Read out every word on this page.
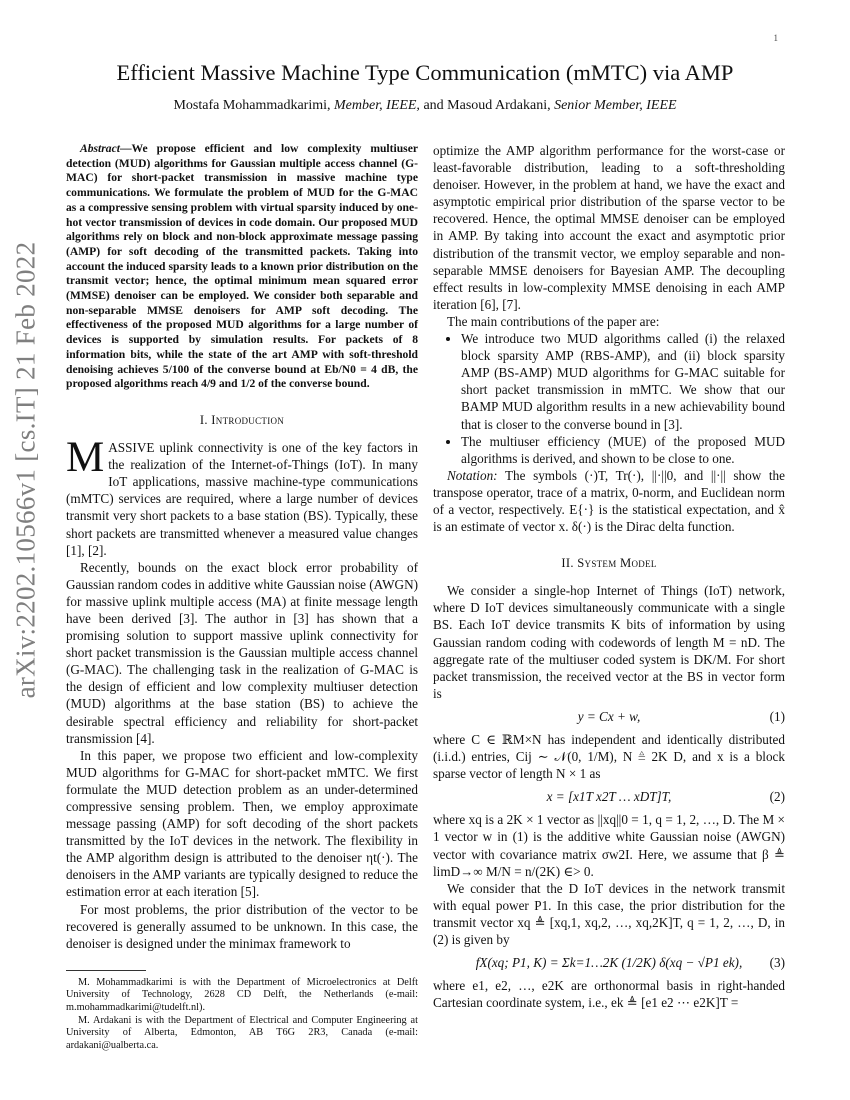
1
arXiv:2202.10566v1 [cs.IT] 21 Feb 2022
Efficient Massive Machine Type Communication (mMTC) via AMP
Mostafa Mohammadkarimi, Member, IEEE, and Masoud Ardakani, Senior Member, IEEE

Abstract—We propose efficient and low complexity multiuser detection (MUD) algorithms for Gaussian multiple access channel (G-MAC) for short-packet transmission in massive machine type communications. We formulate the problem of MUD for the G-MAC as a compressive sensing problem with virtual sparsity induced by one-hot vector transmission of devices in code domain. Our proposed MUD algorithms rely on block and non-block approximate message passing (AMP) for soft decoding of the transmitted packets. Taking into account the induced sparsity leads to a known prior distribution on the transmit vector; hence, the optimal minimum mean squared error (MMSE) denoiser can be employed. We consider both separable and non-separable MMSE denoisers for AMP soft decoding. The effectiveness of the proposed MUD algorithms for a large number of devices is supported by simulation results. For packets of 8 information bits, while the state of the art AMP with soft-threshold denoising achieves 5/100 of the converse bound at Eb/N0 = 4 dB, the proposed algorithms reach 4/9 and 1/2 of the converse bound.

I. Introduction

MASSIVE uplink connectivity is one of the key factors in the realization of the Internet-of-Things (IoT). In many IoT applications, massive machine-type communications (mMTC) services are required, where a large number of devices transmit very short packets to a base station (BS). Typically, these short packets are transmitted whenever a measured value changes [1], [2].

Recently, bounds on the exact block error probability of Gaussian random codes in additive white Gaussian noise (AWGN) for massive uplink multiple access (MA) at finite message length have been derived [3]. The author in [3] has shown that a promising solution to support massive uplink connectivity for short packet transmission is the Gaussian multiple access channel (G-MAC). The challenging task in the realization of G-MAC is the design of efficient and low complexity multiuser detection (MUD) algorithms at the base station (BS) to achieve the desirable spectral efficiency and reliability for short-packet transmission [4].

In this paper, we propose two efficient and low-complexity MUD algorithms for G-MAC for short-packet mMTC. We first formulate the MUD detection problem as an under-determined compressive sensing problem. Then, we employ approximate message passing (AMP) for soft decoding of the short packets transmitted by the IoT devices in the network. The flexibility in the AMP algorithm design is attributed to the denoiser ηt(·). The denoisers in the AMP variants are typically designed to reduce the estimation error at each iteration [5].

For most problems, the prior distribution of the vector to be recovered is generally assumed to be unknown. In this case, the denoiser is designed under the minimax framework to

M. Mohammadkarimi is with the Department of Microelectronics at Delft University of Technology, 2628 CD Delft, the Netherlands (e-mail: m.mohammadkarimi@tudelft.nl).

M. Ardakani is with the Department of Electrical and Computer Engineering at University of Alberta, Edmonton, AB T6G 2R3, Canada (e-mail: ardakani@ualberta.ca.

optimize the AMP algorithm performance for the worst-case or least-favorable distribution, leading to a soft-thresholding denoiser. However, in the problem at hand, we have the exact and asymptotic empirical prior distribution of the sparse vector to be recovered. Hence, the optimal MMSE denoiser can be employed in AMP. By taking into account the exact and asymptotic prior distribution of the transmit vector, we employ separable and non-separable MMSE denoisers for Bayesian AMP. The decoupling effect results in low-complexity MMSE denoising in each AMP iteration [6], [7].

The main contributions of the paper are:

• We introduce two MUD algorithms called (i) the relaxed block sparsity AMP (RBS-AMP), and (ii) block sparsity AMP (BS-AMP) MUD algorithms for G-MAC suitable for short packet transmission in mMTC. We show that our BAMP MUD algorithm results in a new achievability bound that is closer to the converse bound in [3].
• The multiuser efficiency (MUE) of the proposed MUD algorithms is derived, and shown to be close to one.

Notation: The symbols (·)T, Tr(·), ||·||0, and ||·|| show the transpose operator, trace of a matrix, 0-norm, and Euclidean norm of a vector, respectively. E{·} is the statistical expectation, and x̂ is an estimate of vector x. δ(·) is the Dirac delta function.

II. System Model

We consider a single-hop Internet of Things (IoT) network, where D IoT devices simultaneously communicate with a single BS. Each IoT device transmits K bits of information by using Gaussian random coding with codewords of length M = nD. The aggregate rate of the multiuser coded system is DK/M. For short packet transmission, the received vector at the BS in vector form is

y = Cx + w,	(1)

where C ∈ ℝM×N has independent and identically distributed (i.i.d.) entries, Cij ∼ 𝒩(0, 1/M), N ≜ 2K D, and x is a block sparse vector of length N × 1 as

x = [x1T x2T … xDT]T,	(2)

where xq is a 2K × 1 vector as ||xq||0 = 1, q = 1, 2, …, D. The M × 1 vector w in (1) is the additive white Gaussian noise (AWGN) vector with covariance matrix σw2I. Here, we assume that β ≜ limD→∞ M/N = n/(2K) ∈> 0.

We consider that the D IoT devices in the network transmit with equal power P1. In this case, the prior distribution for the transmit vector xq ≜ [xq,1, xq,2, …, xq,2K]T, q = 1, 2, …, D, in (2) is given by

fX(xq; P1, K) = Σk=1…2K (1/2K) δ(xq − √P1 ek), (3)

where e1, e2, …, e2K are orthonormal basis in right-handed Cartesian coordinate system, i.e., ek ≜ [e1 e2 ⋯ e2K]T =
